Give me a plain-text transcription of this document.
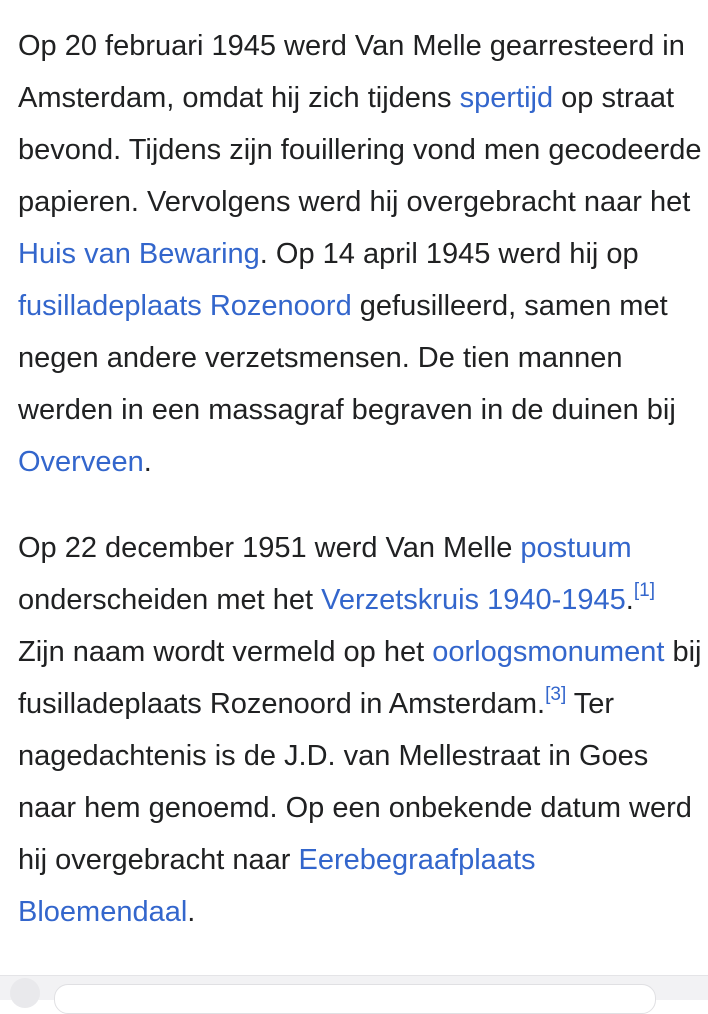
Op 20 februari 1945 werd Van Melle gearresteerd in Amsterdam, omdat hij zich tijdens spertijd op straat bevond. Tijdens zijn fouillering vond men gecodeerde papieren. Vervolgens werd hij overgebracht naar het Huis van Bewaring. Op 14 april 1945 werd hij op fusilladeplaats Rozenoord gefusilleerd, samen met negen andere verzetsmensen. De tien mannen werden in een massagraf begraven in de duinen bij Overveen.

Op 22 december 1951 werd Van Melle postuum onderscheiden met het Verzetskruis 1940-1945.[1] Zijn naam wordt vermeld op het oorlogsmonument bij fusilladeplaats Rozenoord in Amsterdam.[3] Ter nagedachtenis is de J.D. van Mellestraat in Goes naar hem genoemd. Op een onbekende datum werd hij overgebracht naar Eerebegraafplaats Bloemendaal.
